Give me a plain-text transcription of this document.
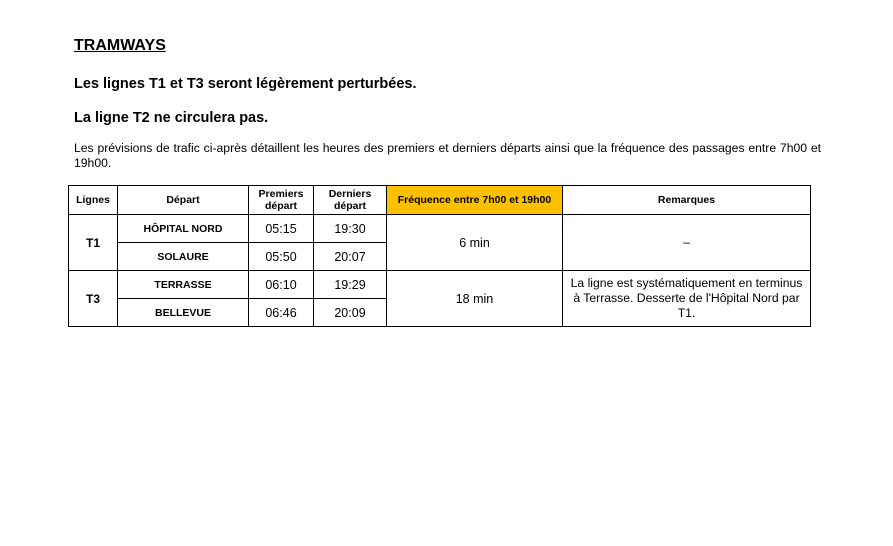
TRAMWAYS
Les lignes T1 et T3 seront légèrement perturbées.
La ligne T2 ne circulera pas.
Les prévisions de trafic ci-après détaillent les heures des premiers et derniers départs ainsi que la fréquence des passages entre 7h00 et 19h00.
Lignes	Départ	Premiers départ	Derniers départ	Fréquence entre 7h00 et 19h00	Remarques
T1	HÔPITAL NORD	05:15	19:30	6 min	–
	SOLAURE	05:50	20:07		
T3	TERRASSE	06:10	19:29	18 min	La ligne est systématiquement en terminus à Terrasse. Desserte de l'Hôpital Nord par T1.
	BELLEVUE	06:46	20:09		
